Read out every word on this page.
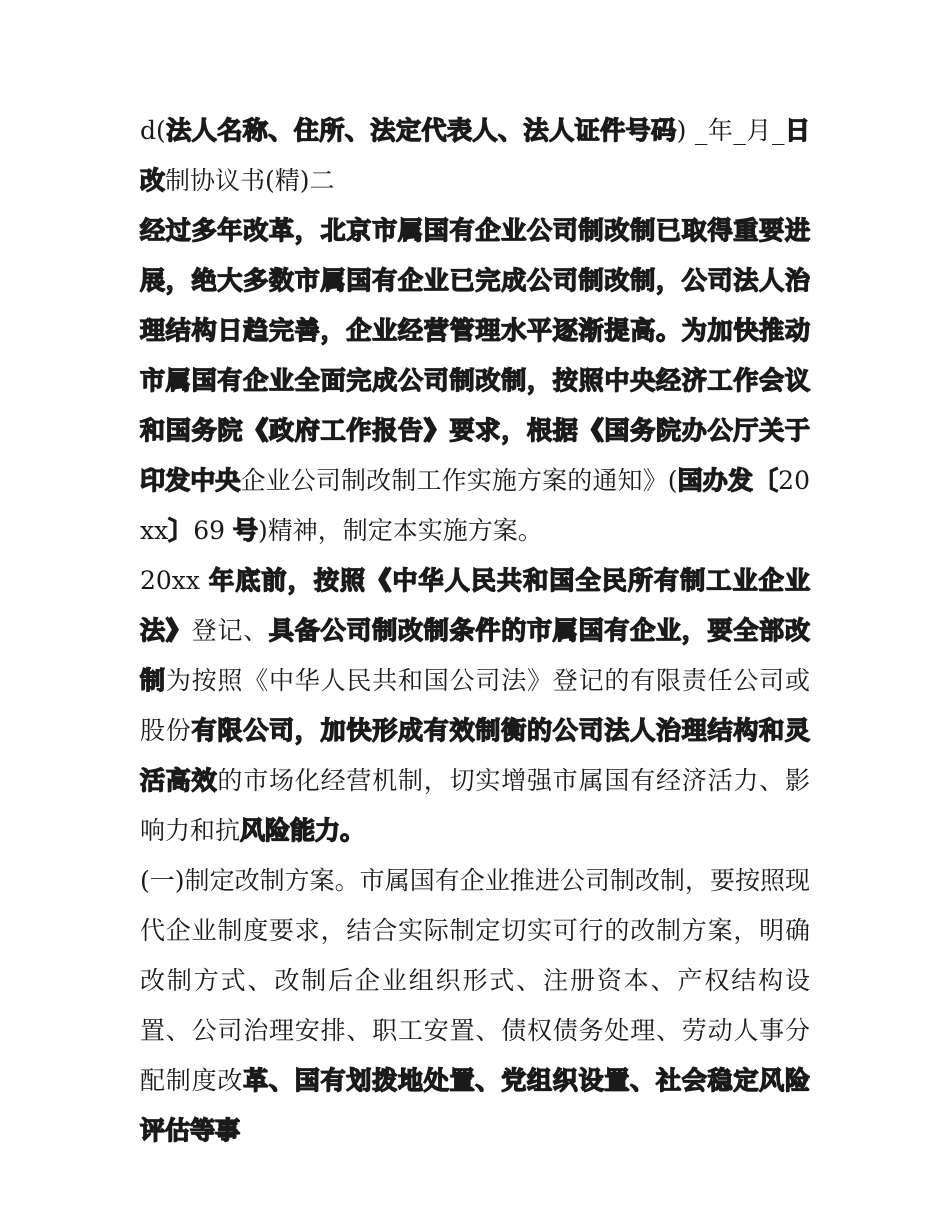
d(法人名称、住所、法定代表人、法人证件号码) _年_月_日 改制协议书(精)二

经过多年改革，北京市属国有企业公司制改制已取得重要进展，绝大多数市属国有企业已完成公司制改制，公司法人治理结构日趋完善，企业经营管理水平逐渐提高。为加快推动市属国有企业全面完成公司制改制，按照中央经济工作会议和国务院《政府工作报告》要求，根据《国务院办公厅关于印发中央企业公司制改制工作实施方案的通知》(国办发〔20xx〕69 号)精神，制定本实施方案。

20xx 年底前，按照《中华人民共和国全民所有制工业企业法》登记、具备公司制改制条件的市属国有企业，要全部改制为按照《中华人民共和国公司法》登记的有限责任公司或股份有限公司，加快形成有效制衡的公司法人治理结构和灵活高效的市场化经营机制，切实增强市属国有经济活力、影响力和抗风险能力。

(一)制定改制方案。市属国有企业推进公司制改制，要按照现代企业制度要求，结合实际制定切实可行的改制方案，明确改制方式、改制后企业组织形式、注册资本、产权结构设置、公司治理安排、职工安置、债权债务处理、劳动人事分配制度改革、国有划拨地处置、党组织设置、社会稳定风险评估等事
